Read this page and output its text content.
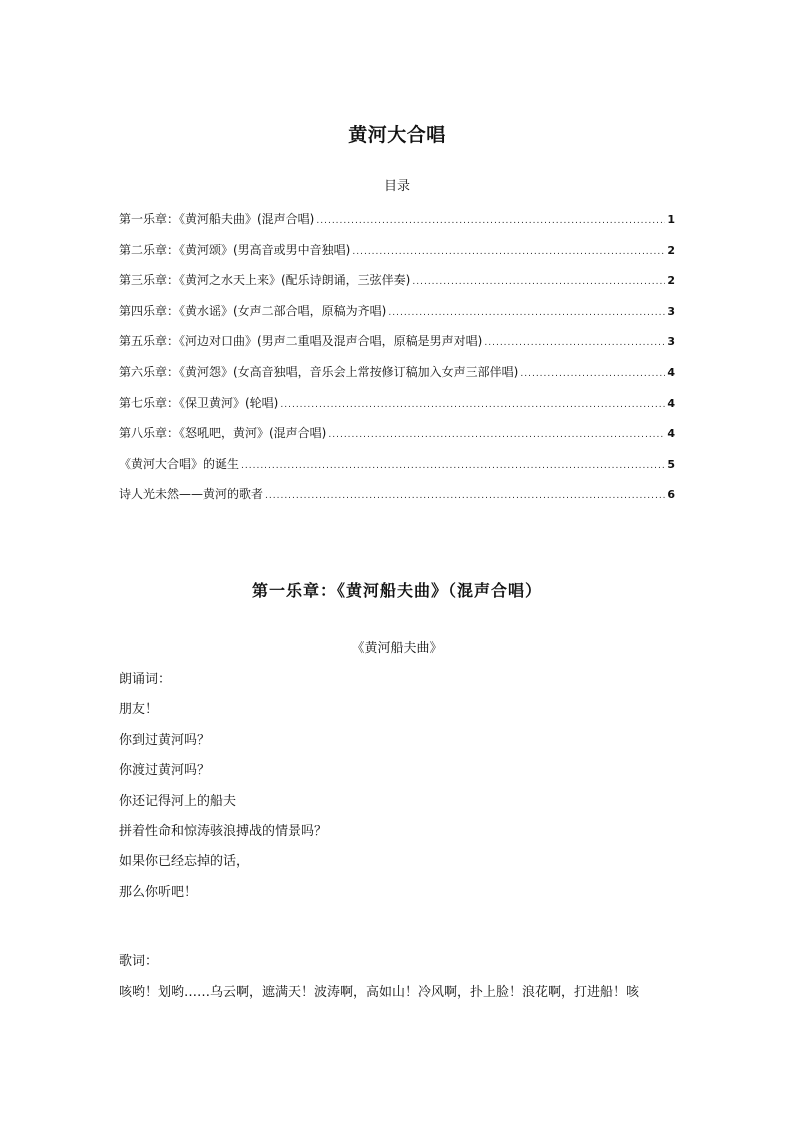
黄河大合唱
目录
第一乐章：《黄河船夫曲》(混声合唱) .....	1
第二乐章：《黄河颂》(男高音或男中音独唱) .....	2
第三乐章：《黄河之水天上来》(配乐诗朗诵，三弦伴奏) .....	2
第四乐章：《黄水谣》(女声二部合唱，原稿为齐唱) .....	3
第五乐章：《河边对口曲》(男声二重唱及混声合唱，原稿是男声对唱) .....	3
第六乐章：《黄河怨》(女高音独唱，音乐会上常按修订稿加入女声三部伴唱) .....	4
第七乐章：《保卫黄河》(轮唱) .....	4
第八乐章：《怒吼吧，黄河》(混声合唱) .....	4
《黄河大合唱》的诞生 .....	5
诗人光未然——黄河的歌者 .....	6
第一乐章：《黄河船夫曲》（混声合唱）
《黄河船夫曲》
朗诵词：
朋友！
你到过黄河吗？
你渡过黄河吗？
你还记得河上的船夫
拼着性命和惊涛骇浪搏战的情景吗？
如果你已经忘掉的话，
那么你听吧！
歌词：
咳哟！划哟……乌云啊，遮满天！波涛啊，高如山！冷风啊，扑上脸！浪花啊，打进船！咳
